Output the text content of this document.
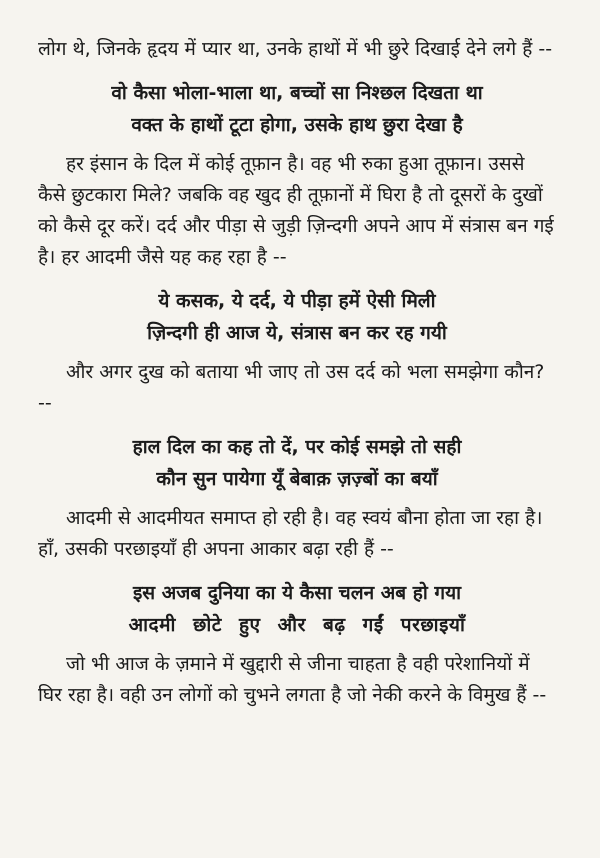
लोग थे, जिनके हृदय में प्यार था, उनके हाथों में भी छुरे दिखाई देने लगे हैं --

वो कैसा भोला-भाला था, बच्चों सा निश्छल दिखता था
वक्त के हाथों टूटा होगा, उसके हाथ छुरा देखा है

हर इंसान के दिल में कोई तूफ़ान है। वह भी रुका हुआ तूफ़ान। उससे कैसे छुटकारा मिले? जबकि वह खुद ही तूफ़ानों में घिरा है तो दूसरों के दुखों को कैसे दूर करें। दर्द और पीड़ा से जुड़ी ज़िन्दगी अपने आप में संत्रास बन गई है। हर आदमी जैसे यह कह रहा है --

ये कसक, ये दर्द, ये पीड़ा हमें ऐसी मिली
ज़िन्दगी ही आज ये, संत्रास बन कर रह गयी

और अगर दुख को बताया भी जाए तो उस दर्द को भला समझेगा कौन? --

हाल दिल का कह तो दें, पर कोई समझे तो सही
कौन सुन पायेगा यूँ बेबाक़ ज़ज़्बों का बयाँ

आदमी से आदमीयत समाप्त हो रही है। वह स्वयं बौना होता जा रहा है। हाँ, उसकी परछाइयाँ ही अपना आकार बढ़ा रही हैं --

इस अजब दुनिया का ये कैसा चलन अब हो गया
आदमी छोटे हुए और बढ़ गईं परछाइयाँ

जो भी आज के ज़माने में खुद्दारी से जीना चाहता है वही परेशानियों में घिर रहा है। वही उन लोगों को चुभने लगता है जो नेकी करने के विमुख हैं --
